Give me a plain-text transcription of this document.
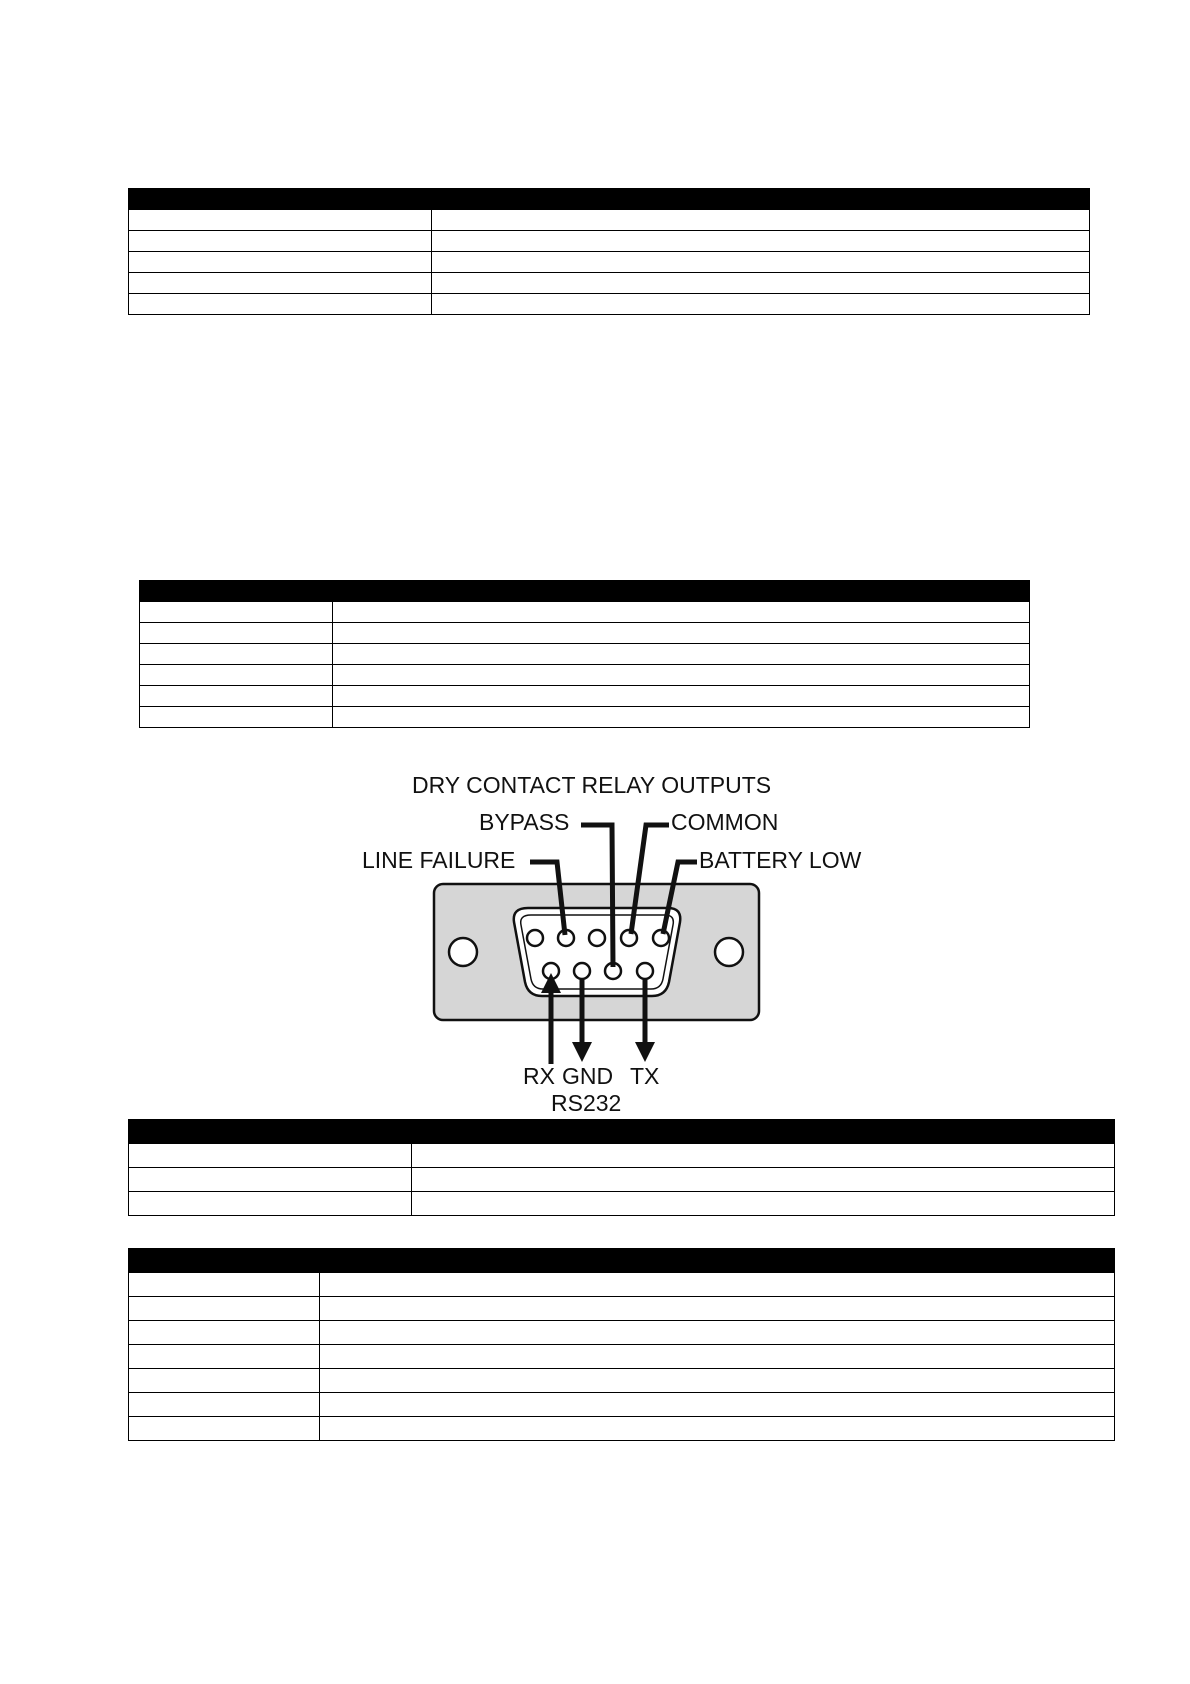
DRY CONTACT RELAY OUTPUTS
BYPASS	COMMON
LINE FAILURE	BATTERY LOW
RX GND TX
RS232
